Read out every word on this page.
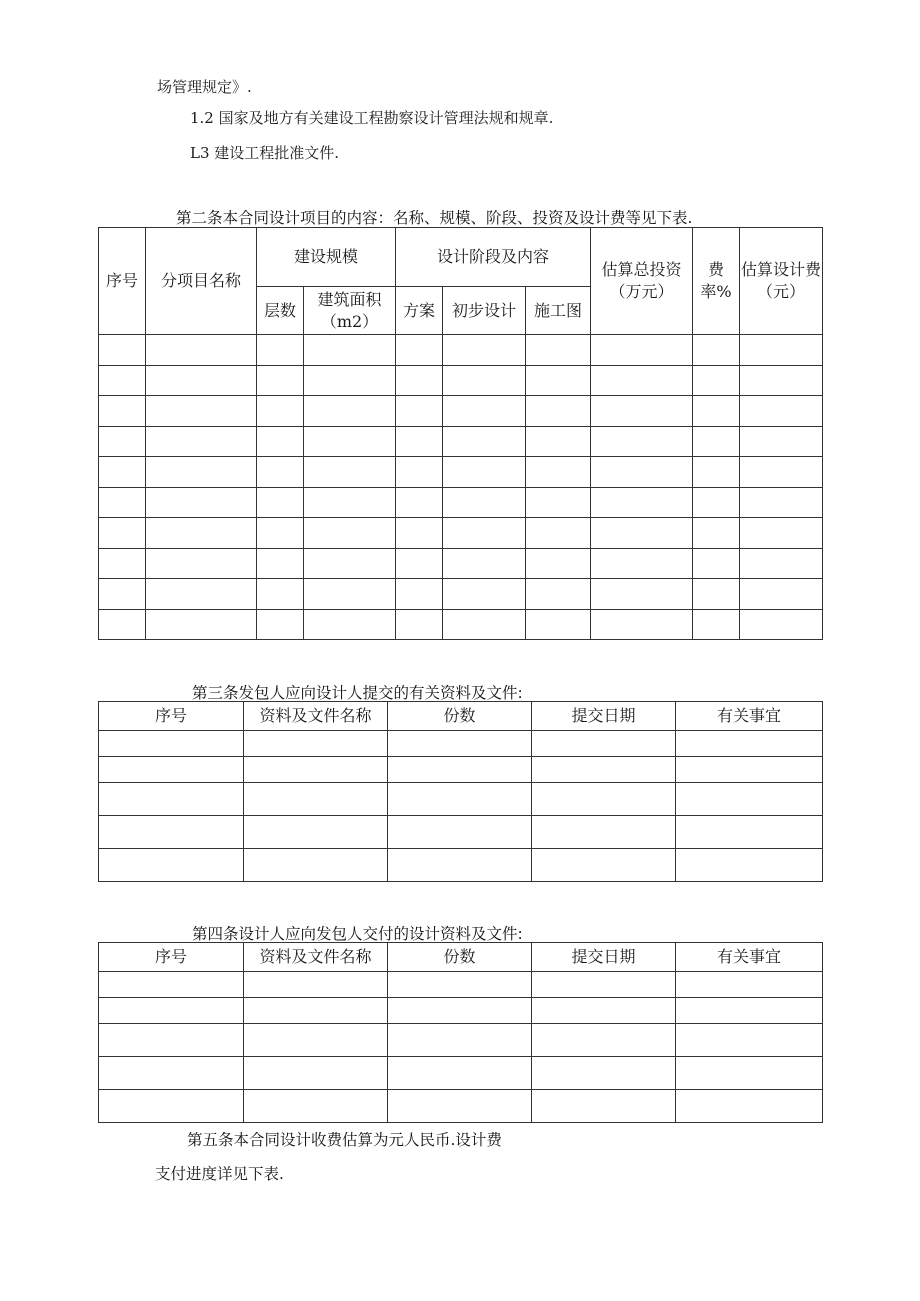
场管理规定》.
1.2 国家及地方有关建设工程勘察设计管理法规和规章.
L3 建设工程批准文件.
第二条本合同设计项目的内容：名称、规模、阶段、投资及设计费等见下表.
序号	分项目名称	建设规模		设计阶段及内容			估算总投资（万元）	费率%	估算设计费（元）
		层数	建筑面积（m2）	方案	初步设计	施工图			

第三条发包人应向设计人提交的有关资料及文件:
序号	资料及文件名称	份数	提交日期	有关事宜

第四条设计人应向发包人交付的设计资料及文件:
序号	资料及文件名称	份数	提交日期	有关事宜

第五条本合同设计收费估算为元人民币.设计费
支付进度详见下表.
